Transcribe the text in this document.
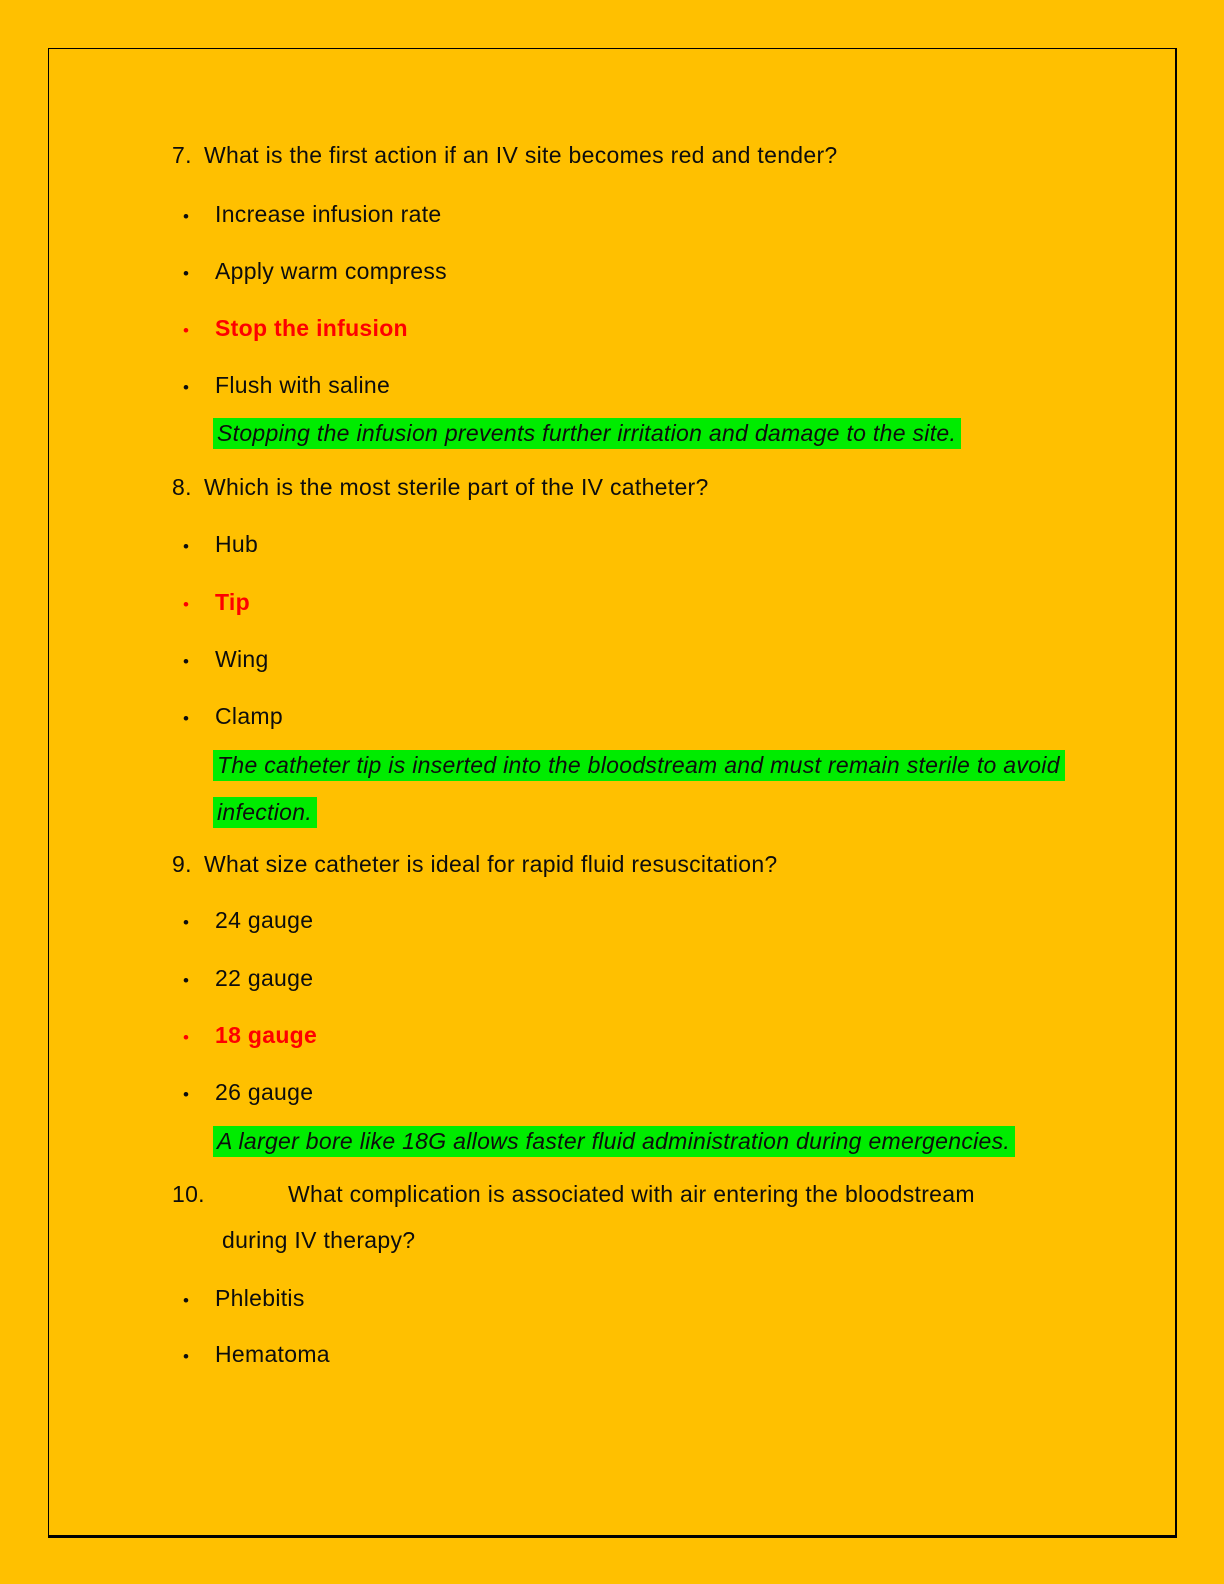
7. What is the first action if an IV site becomes red and tender?
•	Increase infusion rate
•	Apply warm compress
•	Stop the infusion
•	Flush with saline
Stopping the infusion prevents further irritation and damage to the site.
8. Which is the most sterile part of the IV catheter?
•	Hub
•	Tip
•	Wing
•	Clamp
The catheter tip is inserted into the bloodstream and must remain sterile to avoid
infection.
9. What size catheter is ideal for rapid fluid resuscitation?
•	24 gauge
•	22 gauge
•	18 gauge
•	26 gauge
A larger bore like 18G allows faster fluid administration during emergencies.
10.	What complication is associated with air entering the bloodstream
during IV therapy?
•	Phlebitis
•	Hematoma
